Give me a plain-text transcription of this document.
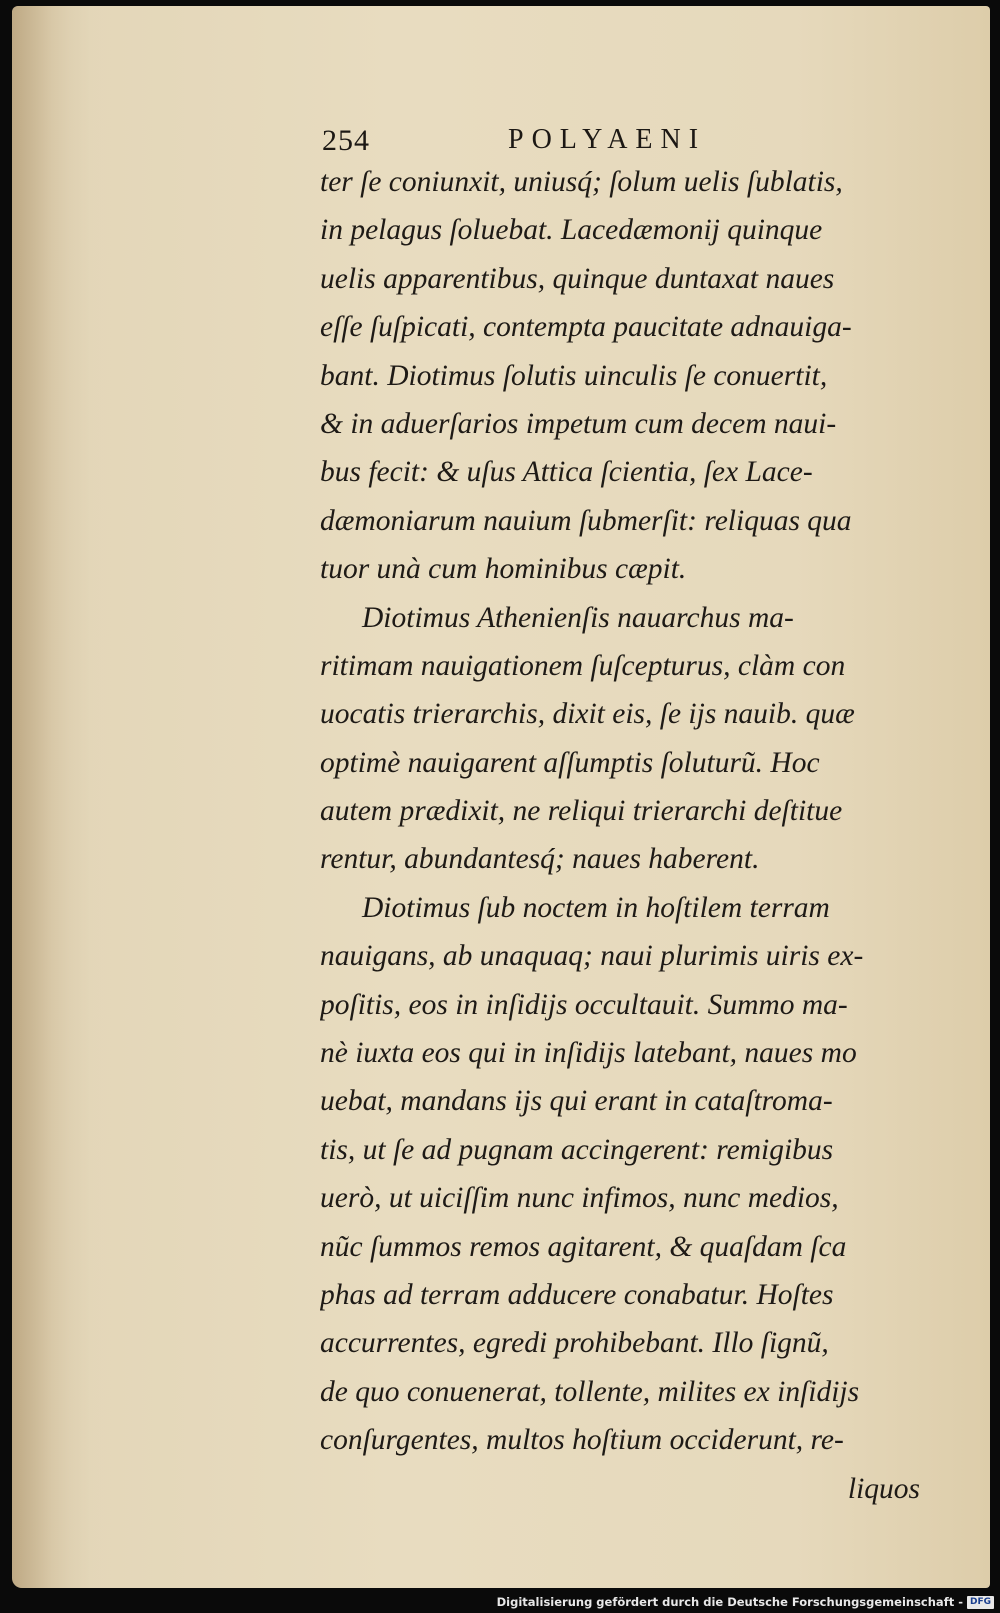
254	POLYAENI
ter ſe coniunxit, uniusq́; ſolum uelis ſublatis,
in pelagus ſoluebat. Lacedæmonij quinque
uelis apparentibus, quinque duntaxat naues
eſſe ſuſpicati, contempta paucitate adnauiga-
bant. Diotimus ſolutis uinculis ſe conuertit,
& in aduerſarios impetum cum decem naui-
bus fecit: & uſus Attica ſcientia, ſex Lace-
dæmoniarum nauium ſubmerſit: reliquas qua
tuor unà cum hominibus cæpit.
Diotimus Athenienſis nauarchus ma-
ritimam nauigationem ſuſcepturus, clàm con
uocatis trierarchis, dixit eis, ſe ijs nauib. quæ
optimè nauigarent aſſumptis ſoluturũ. Hoc
autem prædixit, ne reliqui trierarchi deſtitue
rentur, abundantesq́; naues haberent.
Diotimus ſub noctem in hoſtilem terram
nauigans, ab unaquaq; naui plurimis uiris ex-
poſitis, eos in inſidijs occultauit. Summo ma-
nè iuxta eos qui in inſidijs latebant, naues mo
uebat, mandans ijs qui erant in cataſtroma-
tis, ut ſe ad pugnam accingerent: remigibus
uerò, ut uiciſſim nunc infimos, nunc medios,
nũc ſummos remos agitarent, & quaſdam ſca
phas ad terram adducere conabatur. Hoſtes
accurrentes, egredi prohibebant. Illo ſignũ,
de quo conuenerat, tollente, milites ex inſidijs
conſurgentes, multos hoſtium occiderunt, re-
liquos
Digitalisierung gefördert durch die Deutsche Forschungsgemeinschaft - DFG
